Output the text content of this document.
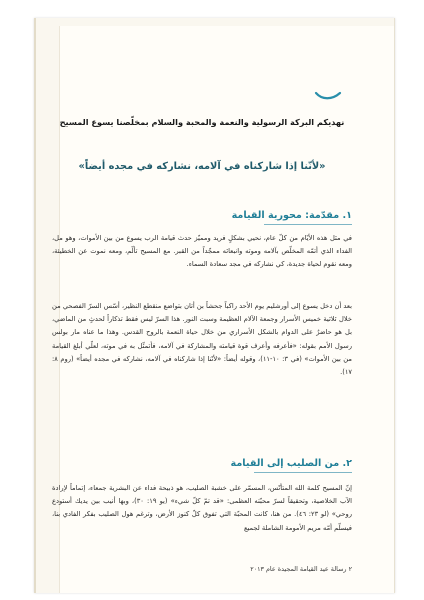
نهديكم البركة الرسولية والنعمة والمحبة والسلام بمخلّصنا يسوع المسيح
«لأنّنا إذا شاركناه في آلامه، نشاركه في مجده أيضاً»
١. مقدّمة: محورية القيامة
في مثل هذه الأيّام من كلّ عام، نحيي بشكلٍ فريد ومميّز حدث قيامة الرب يسوع من بين الأموات، وهو مل، الفداء الذي أتمّه المخلّص بآلامه وموته وانبعاثه ممجّداً من القبر. مع المسيح تألّم، ومعه نموت عن الخطيئة، ومعه نقوم لحياة جديدة، كي نشاركه في مجد سعادة السماء.
بعد أن دخل يسوع إلى أورشليم يوم الأحد راكباً جحشاً بن أتان بتواضع منقطع النظير، أسّس السرّ الفصحي من خلال ثلاثية خميس الأسرار وجمعة الآلام العظيمة وسبت النور. هذا السرّ ليس فقط تذكاراً لحدثٍ من الماضي، بل هو حاضرٌ على الدوام بالشكل الأسراري من خلال حياة النعمة بالروح القدس. وهذا ما عناه مار بولس رسول الأمم بقوله: «فأعرفه وأعرف قوة قيامته والمشاركة في آلامه، فأتمثّل به في موته، لعلّي أبلغ القيامة من بين الأموات» (في ٣: ١٠-١١)، وقوله أيضاً: «لأنّنا إذا شاركناه في آلامه، نشاركه في مجده أيضاً» (روم ٨: ١٧).
٢. من الصليب إلى القيامة
إنّ المسيح كلمة الله المتأنّس، المسمّر على خشبة الصليب، هو ذبيحة فداء عن البشرية جمعاء، إتماماً لإرادة الآب الخلاصية، وتحقيقاً لسرّ محبّته العظمى: «قد تمّ كلّ شيء» (يو ١٩: ٣٠)، وبها أنيب بين يديك أستودع روحي» (لو ٢٣: ٤٦). من هنا، كانت المحبّة التي تفوق كلّ كنوز الأرض، وترغم هول الصليب بفكر الفادي بنا، فيسلّم أمّه مريم الأمومة الشاملة لجميع
٢ رسالة عيد القيامة المجيدة عام ٢٠١٣
